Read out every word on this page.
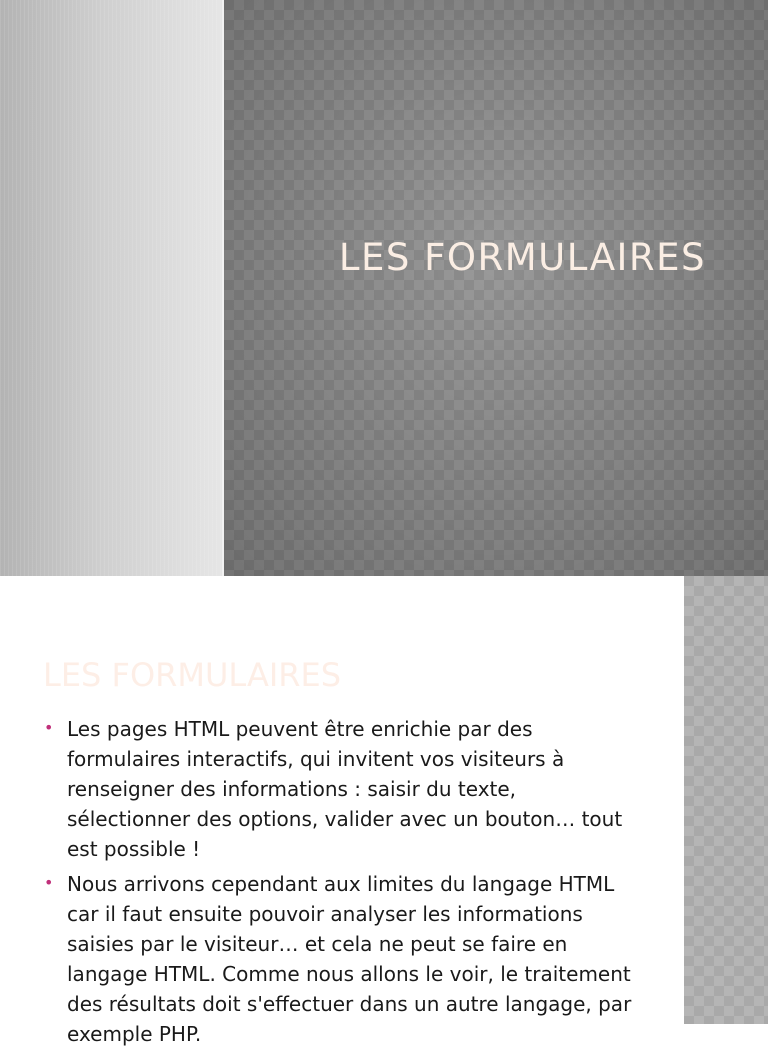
LES FORMULAIRES
LES FORMULAIRES
• Les pages HTML peuvent être enrichie par des formulaires interactifs, qui invitent vos visiteurs à renseigner des informations : saisir du texte, sélectionner des options, valider avec un bouton… tout est possible !
• Nous arrivons cependant aux limites du langage HTML car il faut ensuite pouvoir analyser les informations saisies par le visiteur… et cela ne peut se faire en langage HTML. Comme nous allons le voir, le traitement des résultats doit s'effectuer dans un autre langage, par exemple PHP.
